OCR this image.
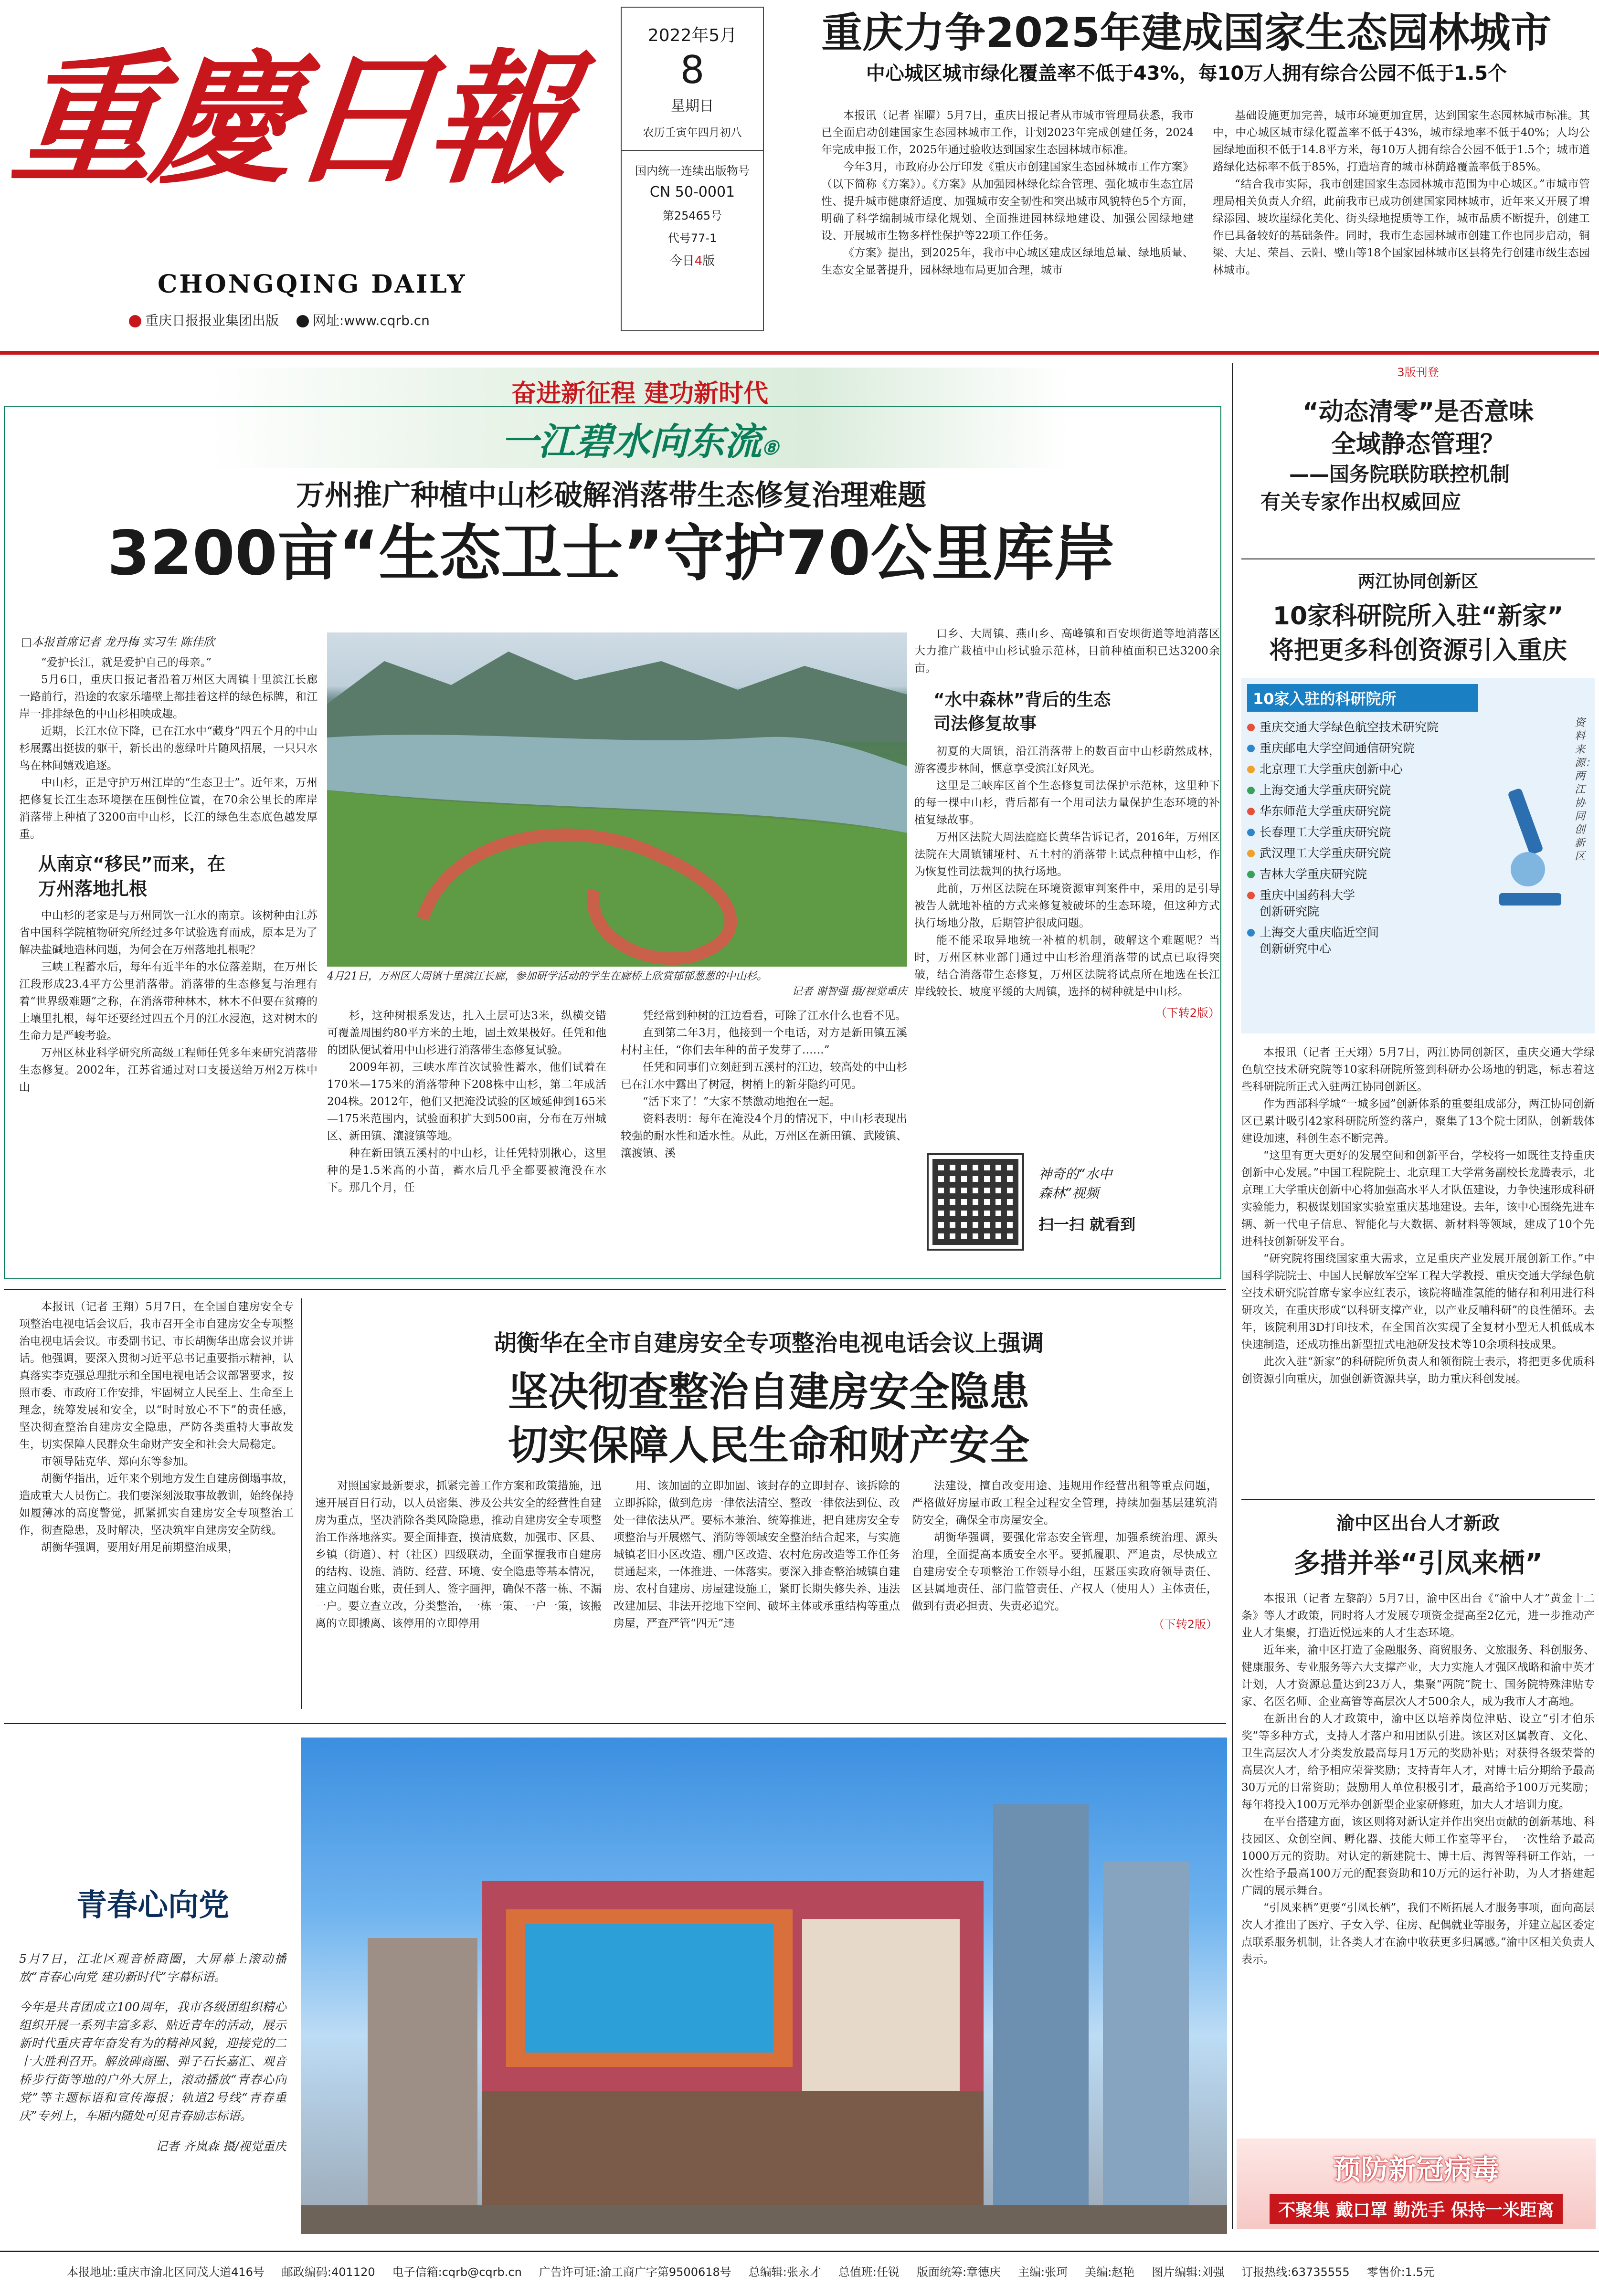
重慶日報
CHONGQING DAILY
重庆日报报业集团出版	网址:www.cqrb.cn
2022年5月
8
星期日
农历壬寅年四月初八
国内统一连续出版物号
CN 50-0001
第25465号
代号77-1
今日4版
重庆力争2025年建成国家生态园林城市
中心城区城市绿化覆盖率不低于43%，每10万人拥有综合公园不低于1.5个

本报讯（记者 崔曜）5月7日，重庆日报记者从市城市管理局获悉，我市已全面启动创建国家生态园林城市工作，计划2023年完成创建任务，2024年完成申报工作，2025年通过验收达到国家生态园林城市标准。

今年3月，市政府办公厅印发《重庆市创建国家生态园林城市工作方案》（以下简称《方案》）。《方案》从加强园林绿化综合管理、强化城市生态宜居性、提升城市健康舒适度、加强城市安全韧性和突出城市风貌特色5个方面，明确了科学编制城市绿化规划、全面推进园林绿地建设、加强公园绿地建设、开展城市生物多样性保护等22项工作任务。

《方案》提出，到2025年，我市中心城区建成区绿地总量、绿地质量、生态安全显著提升，园林绿地布局更加合理，城市

基础设施更加完善，城市环境更加宜居，达到国家生态园林城市标准。其中，中心城区城市绿化覆盖率不低于43%，城市绿地率不低于40%；人均公园绿地面积不低于14.8平方米，每10万人拥有综合公园不低于1.5个；城市道路绿化达标率不低于85%，打造培育的城市林荫路覆盖率低于85%。

“结合我市实际，我市创建国家生态园林城市范围为中心城区。”市城市管理局相关负责人介绍，此前我市已成功创建国家园林城市，近年来又开展了增绿添园、坡坎崖绿化美化、街头绿地提质等工作，城市品质不断提升，创建工作已具备较好的基础条件。同时，我市生态园林城市创建工作也同步启动，铜梁、大足、荣昌、云阳、璧山等18个国家园林城市区县将先行创建市级生态园林城市。

奋进新征程 建功新时代
一江碧水向东流⑧
万州推广种植中山杉破解消落带生态修复治理难题
3200亩“生态卫士”守护70公里库岸
□本报首席记者 龙丹梅 实习生 陈佳欣

“爱护长江，就是爱护自己的母亲。”

5月6日，重庆日报记者沿着万州区大周镇十里滨江长廊一路前行，沿途的农家乐墙壁上都挂着这样的绿色标牌，和江岸一排排绿色的中山杉相映成趣。

近期，长江水位下降，已在江水中“藏身”四五个月的中山杉展露出挺拔的躯干，新长出的葱绿叶片随风招展，一只只水鸟在林间嬉戏追逐。

中山杉，正是守护万州江岸的“生态卫士”。近年来，万州把修复长江生态环境摆在压倒性位置，在70余公里长的库岸消落带上种植了3200亩中山杉，长江的绿色生态底色越发厚重。

从南京“移民”而来，在
万州落地扎根

中山杉的老家是与万州同饮一江水的南京。该树种由江苏省中国科学院植物研究所经过多年试验选育而成，原本是为了解决盐碱地造林问题，为何会在万州落地扎根呢？

三峡工程蓄水后，每年有近半年的水位落差期，在万州长江段形成23.4平方公里消落带。消落带的生态修复与治理有着“世界级难题”之称，在消落带种林木，林木不但要在贫瘠的土壤里扎根，每年还要经过四五个月的江水浸泡，这对树木的生命力是严峻考验。

万州区林业科学研究所高级工程师任凭多年来研究消落带生态修复。2002年，江苏省通过对口支援送给万州2万株中山

4月21日，万州区大周镇十里滨江长廊，参加研学活动的学生在廊桥上欣赏郁郁葱葱的中山杉。
记者 谢智强 摄/视觉重庆

杉，这种树根系发达，扎入土层可达3米，纵横交错可覆盖周围约80平方米的土地，固土效果极好。任凭和他的团队便试着用中山杉进行消落带生态修复试验。

2009年初，三峡水库首次试验性蓄水，他们试着在170米—175米的消落带种下208株中山杉，第二年成活204株。2012年，他们又把淹没试验的区域延伸到165米—175米范围内，试验面积扩大到500亩，分布在万州城区、新田镇、瀼渡镇等地。

种在新田镇五溪村的中山杉，让任凭特别揪心，这里种的是1.5米高的小苗，蓄水后几乎全都要被淹没在水下。那几个月，任

凭经常到种树的江边看看，可除了江水什么也看不见。

直到第二年3月，他接到一个电话，对方是新田镇五溪村村主任，“你们去年种的苗子发芽了……”

任凭和同事们立刻赶到五溪村的江边，较高处的中山杉已在江水中露出了树冠，树梢上的新芽隐约可见。

“活下来了！”大家不禁激动地抱在一起。

资料表明：每年在淹没4个月的情况下，中山杉表现出较强的耐水性和适水性。从此，万州区在新田镇、武陵镇、瀼渡镇、溪

口乡、大周镇、燕山乡、高峰镇和百安坝街道等地消落区大力推广栽植中山杉试验示范林，目前种植面积已达3200余亩。

“水中森林”背后的生态
司法修复故事

初夏的大周镇，沿江消落带上的数百亩中山杉蔚然成林，游客漫步林间，惬意享受滨江好风光。

这里是三峡库区首个生态修复司法保护示范林，这里种下的每一棵中山杉，背后都有一个用司法力量保护生态环境的补植复绿故事。

万州区法院大周法庭庭长黄华告诉记者，2016年，万州区法院在大周镇铺垭村、五土村的消落带上试点种植中山杉，作为恢复性司法裁判的执行场地。

此前，万州区法院在环境资源审判案件中，采用的是引导被告人就地补植的方式来修复被破坏的生态环境，但这种方式执行场地分散，后期管护很成问题。

能不能采取异地统一补植的机制，破解这个难题呢？当时，万州区林业部门通过中山杉治理消落带的试点已取得突破，结合消落带生态修复，万州区法院将试点所在地选在长江岸线较长、坡度平缓的大周镇，选择的树种就是中山杉。

（下转2版）
神奇的“水中
森林”视频
扫一扫 就看到
3版刊登
“动态清零”是否意味
全域静态管理？
——国务院联防联控机制
有关专家作出权威回应
两江协同创新区
10家科研院所入驻“新家”
将把更多科创资源引入重庆
10家入驻的科研院所
重庆交通大学绿色航空技术研究院
重庆邮电大学空间通信研究院
北京理工大学重庆创新中心
上海交通大学重庆研究院
华东师范大学重庆研究院
长春理工大学重庆研究院
武汉理工大学重庆研究院
吉林大学重庆研究院
重庆中国药科大学
创新研究院
上海交大重庆临近空间
创新研究中心
资料来源：两江协同创新区

本报讯（记者 王天翊）5月7日，两江协同创新区，重庆交通大学绿色航空技术研究院等10家科研院所签到科研办公场地的钥匙，标志着这些科研院所正式入驻两江协同创新区。

作为西部科学城“一城多园”创新体系的重要组成部分，两江协同创新区已累计吸引42家科研院所签约落户，聚集了13个院士团队，创新载体建设加速，科创生态不断完善。

“这里有更大更好的发展空间和创新平台，学校将一如既往支持重庆创新中心发展。”中国工程院院士、北京理工大学常务副校长龙腾表示，北京理工大学重庆创新中心将加强高水平人才队伍建设，力争快速形成科研实验能力，积极谋划国家实验室重庆基地建设。去年，该中心围绕先进车辆、新一代电子信息、智能化与大数据、新材料等领域，建成了10个先进科技创新研发平台。

“研究院将围绕国家重大需求，立足重庆产业发展开展创新工作。”中国科学院院士、中国人民解放军空军工程大学教授、重庆交通大学绿色航空技术研究院首席专家李应红表示，该院将瞄准氢能的储存和利用进行科研攻关，在重庆形成“以科研支撑产业，以产业反哺科研”的良性循环。去年，该院利用3D打印技术，在全国首次实现了全复材小型无人机低成本快速制造，还成功推出新型扭式电池研发技术等10余项科技成果。

此次入驻“新家”的科研院所负责人和领衔院士表示，将把更多优质科创资源引向重庆，加强创新资源共享，助力重庆科创发展。

渝中区出台人才新政
多措并举“引凤来栖”

本报讯（记者 左黎韵）5月7日，渝中区出台《“渝中人才”黄金十二条》等人才政策，同时将人才发展专项资金提高至2亿元，进一步推动产业人才集聚，打造近悦远来的人才生态环境。

近年来，渝中区打造了金融服务、商贸服务、文旅服务、科创服务、健康服务、专业服务等六大支撑产业，大力实施人才强区战略和渝中英才计划，人才资源总量达到23万人，集聚“两院”院士、国务院特殊津贴专家、名医名师、企业高管等高层次人才500余人，成为我市人才高地。

在新出台的人才政策中，渝中区以培养岗位津贴、设立“引才伯乐奖”等多种方式，支持人才落户和用团队引进。该区对区属教育、文化、卫生高层次人才分类发放最高每月1万元的奖励补贴；对获得各级荣誉的高层次人才，给予相应荣誉奖励；支持青年人才，对博士后分期给予最高30万元的日常资助；鼓励用人单位积极引才，最高给予100万元奖励；每年将投入100万元举办创新型企业家研修班，加大人才培训力度。

在平台搭建方面，该区则将对新认定并作出突出贡献的创新基地、科技园区、众创空间、孵化器、技能大师工作室等平台，一次性给予最高1000万元的资助。对认定的新建院士、博士后、海智等科研工作站，一次性给予最高100万元的配套资助和10万元的运行补助，为人才搭建起广阔的展示舞台。

“引凤来栖”更要“引凤长栖”，我们不断拓展人才服务事项，面向高层次人才推出了医疗、子女入学、住房、配偶就业等服务，并建立起区委定点联系服务机制，让各类人才在渝中收获更多归属感。”渝中区相关负责人表示。

预防新冠病毒
不聚集 戴口罩 勤洗手 保持一米距离

本报讯（记者 王翔）5月7日，在全国自建房安全专项整治电视电话会议后，我市召开全市自建房安全专项整治电视电话会议。市委副书记、市长胡衡华出席会议并讲话。他强调，要深入贯彻习近平总书记重要指示精神，认真落实李克强总理批示和全国电视电话会议部署要求，按照市委、市政府工作安排，牢固树立人民至上、生命至上理念，统筹发展和安全，以“时时放心不下”的责任感，坚决彻查整治自建房安全隐患，严防各类重特大事故发生，切实保障人民群众生命财产安全和社会大局稳定。

市领导陆克华、郑向东等参加。

胡衡华指出，近年来个别地方发生自建房倒塌事故，造成重大人员伤亡。我们要深刻汲取事故教训，始终保持如履薄冰的高度警觉，抓紧抓实自建房安全专项整治工作，彻查隐患，及时解决，坚决筑牢自建房安全防线。

胡衡华强调，要用好用足前期整治成果，

胡衡华在全市自建房安全专项整治电视电话会议上强调
坚决彻查整治自建房安全隐患
切实保障人民生命和财产安全

对照国家最新要求，抓紧完善工作方案和政策措施，迅速开展百日行动，以人员密集、涉及公共安全的经营性自建房为重点，坚决消除各类风险隐患，推动自建房安全专项整治工作落地落实。要全面排查，摸清底数，加强市、区县、乡镇（街道）、村（社区）四级联动，全面掌握我市自建房的结构、设施、消防、经营、环境、安全隐患等基本情况，建立问题台账，责任到人、签字画押，确保不落一栋、不漏一户。要立查立改，分类整治，一栋一策、一户一策，该搬离的立即搬离、该停用的立即停用

用、该加固的立即加固、该封存的立即封存、该拆除的立即拆除，做到危房一律依法清空、整改一律依法到位、改处一律依法从严。要标本兼治、统筹推进，把自建房安全专项整治与开展燃气、消防等领域安全整治结合起来，与实施城镇老旧小区改造、棚户区改造、农村危房改造等工作任务贯通起来，一体推进、一体落实。要深入排查整治城镇自建房、农村自建房、房屋建设施工，紧盯长期失修失养、违法改建加层、非法开挖地下空间、破坏主体或承重结构等重点房屋，严查严管“四无”违

法建设，擅自改变用途、违规用作经营出租等重点问题，严格做好房屋市政工程全过程安全管理，持续加强基层建筑消防安全，确保全市房屋安全。

胡衡华强调，要强化常态安全管理，加强系统治理、源头治理，全面提高本质安全水平。要抓履职、严追责，尽快成立自建房安全专项整治工作领导小组，压紧压实政府领导责任、区县属地责任、部门监管责任、产权人（使用人）主体责任，做到有责必担责、失责必追究。

（下转2版）
青春心向党

5月7日，江北区观音桥商圈，大屏幕上滚动播放“青春心向党 建功新时代”字幕标语。

今年是共青团成立100周年，我市各级团组织精心组织开展一系列丰富多彩、贴近青年的活动，展示新时代重庆青年奋发有为的精神风貌，迎接党的二十大胜利召开。解放碑商圈、弹子石长嘉汇、观音桥步行街等地的户外大屏上，滚动播放“青春心向党”等主题标语和宣传海报；轨道2号线“青春重庆”专列上，车厢内随处可见青春励志标语。

记者 齐岚森 摄/视觉重庆
本报地址:重庆市渝北区同茂大道416号 邮政编码:401120 电子信箱:cqrb@cqrb.cn 广告许可证:渝工商广字第9500618号 总编辑:张永才 总值班:任锐 版面统筹:章德庆 主编:张珂 美编:赵艳 图片编辑:刘强 订报热线:63735555 零售价:1.5元
